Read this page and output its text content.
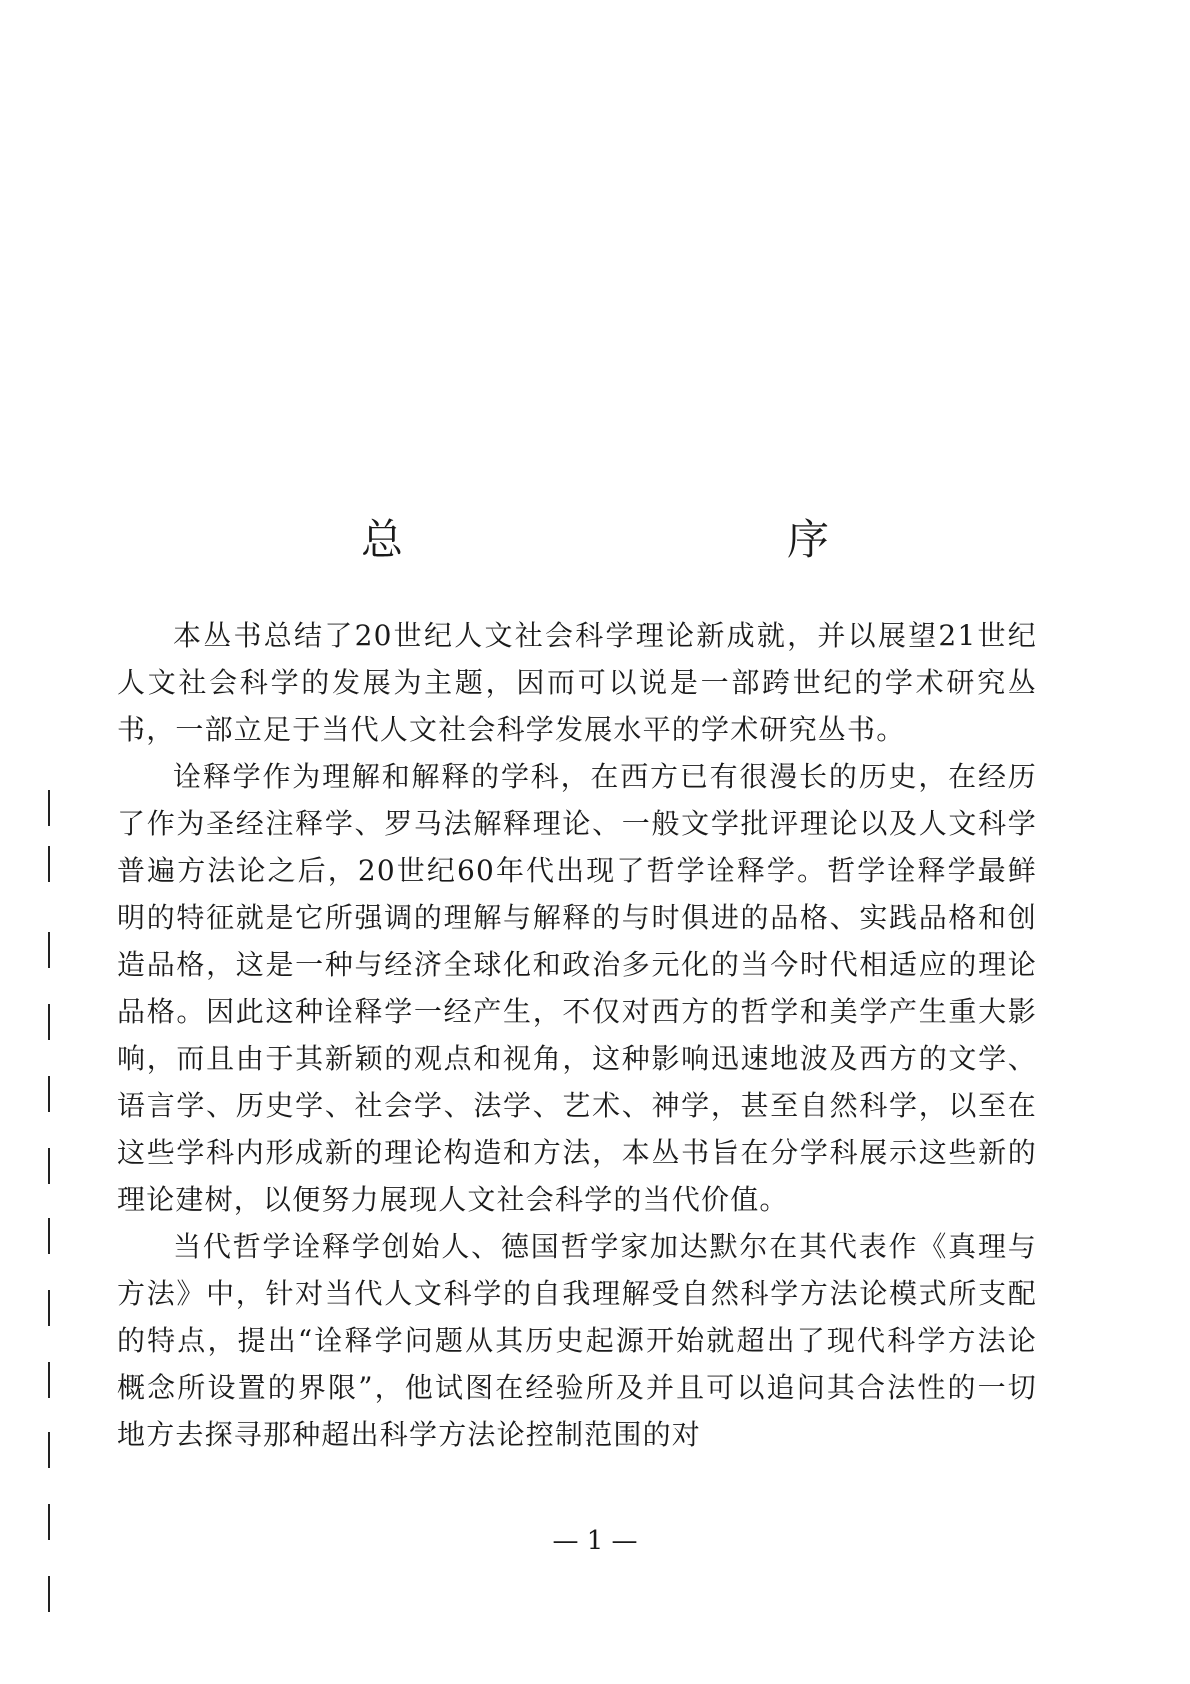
总　　序

本丛书总结了20世纪人文社会科学理论新成就，并以展望21世纪人文社会科学的发展为主题，因而可以说是一部跨世纪的学术研究丛书，一部立足于当代人文社会科学发展水平的学术研究丛书。

诠释学作为理解和解释的学科，在西方已有很漫长的历史，在经历了作为圣经注释学、罗马法解释理论、一般文学批评理论以及人文科学普遍方法论之后，20世纪60年代出现了哲学诠释学。哲学诠释学最鲜明的特征就是它所强调的理解与解释的与时俱进的品格、实践品格和创造品格，这是一种与经济全球化和政治多元化的当今时代相适应的理论品格。因此这种诠释学一经产生，不仅对西方的哲学和美学产生重大影响，而且由于其新颖的观点和视角，这种影响迅速地波及西方的文学、语言学、历史学、社会学、法学、艺术、神学，甚至自然科学，以至在这些学科内形成新的理论构造和方法，本丛书旨在分学科展示这些新的理论建树，以便努力展现人文社会科学的当代价值。

当代哲学诠释学创始人、德国哲学家加达默尔在其代表作《真理与方法》中，针对当代人文科学的自我理解受自然科学方法论模式所支配的特点，提出“诠释学问题从其历史起源开始就超出了现代科学方法论概念所设置的界限”，他试图在经验所及并且可以追问其合法性的一切地方去探寻那种超出科学方法论控制范围的对

— 1 —
